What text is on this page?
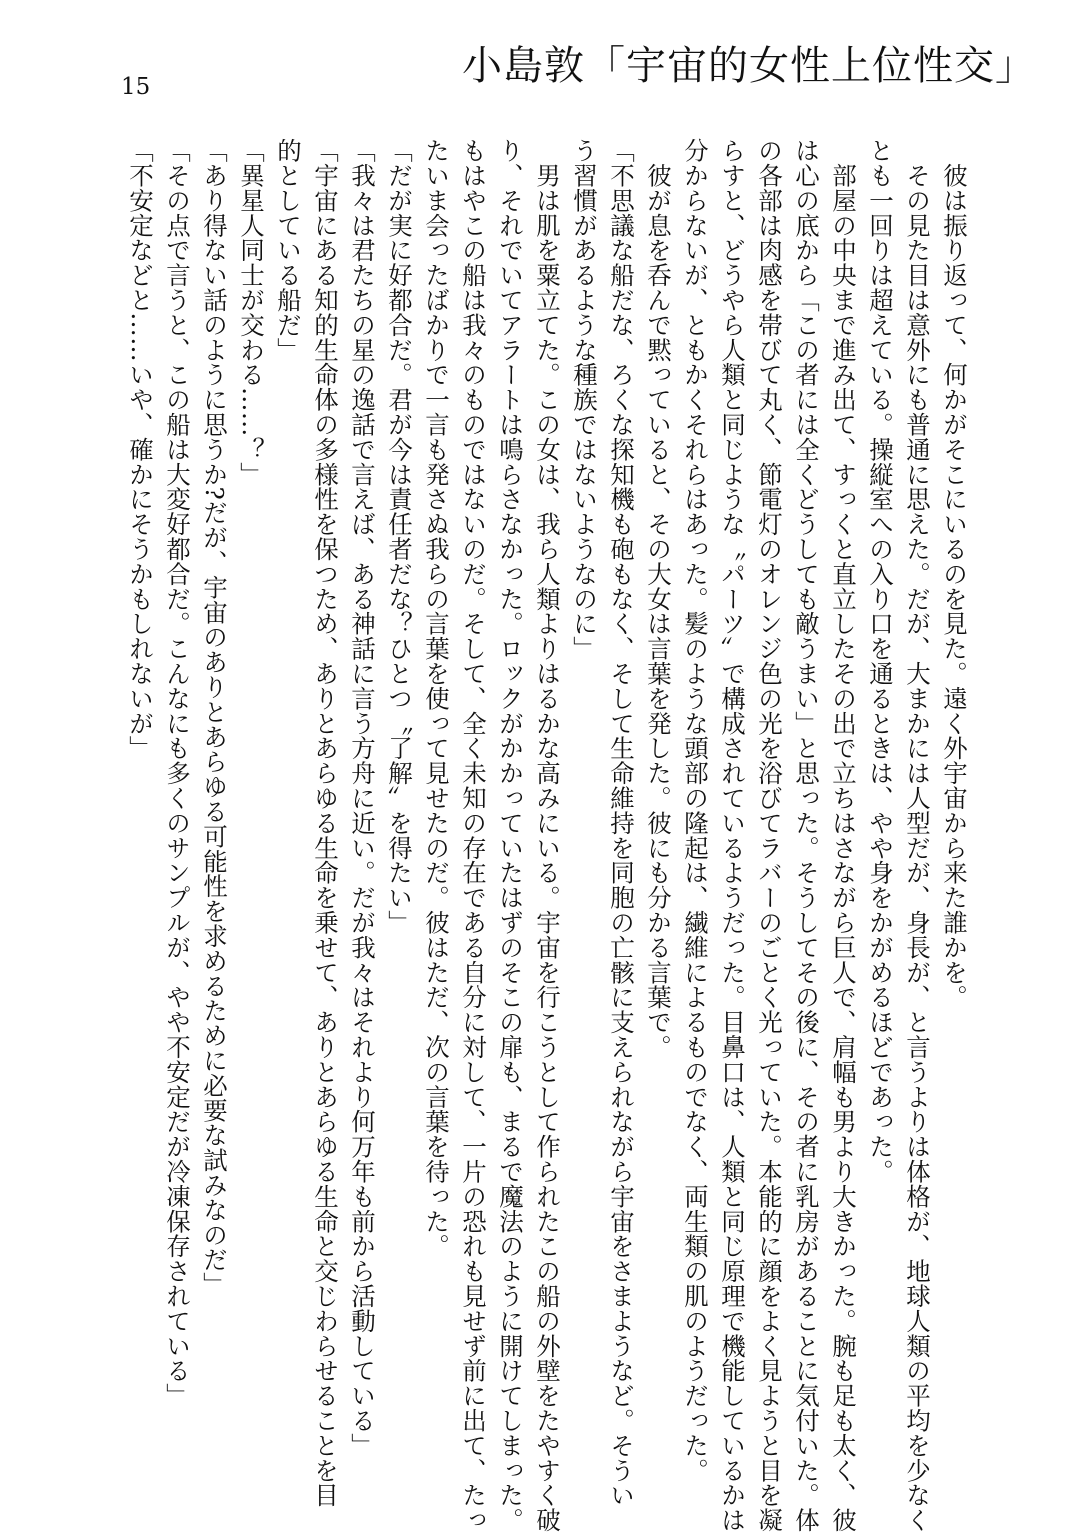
小島敦「宇宙的女性上位性交」
15
　彼は振り返って、何かがそこにいるのを見た。遠く外宇宙から来た誰かを。
　その見た目は意外にも普通に思えた。だが、大まかには人型だが、身長が、と言うよりは体格が、地球人類の平均を少なく
とも一回りは超えている。操縦室への入り口を通るときは、やや身をかがめるほどであった。
　部屋の中央まで進み出て、すっくと直立したその出で立ちはさながら巨人で、肩幅も男より大きかった。腕も足も太く、彼
は心の底から「この者には全くどうしても敵うまい」と思った。そうしてその後に、その者に乳房があることに気付いた。体
の各部は肉感を帯びて丸く、節電灯のオレンジ色の光を浴びてラバーのごとく光っていた。本能的に顔をよく見ようと目を凝
らすと、どうやら人類と同じような〝パーツ〟で構成されているようだった。目鼻口は、人類と同じ原理で機能しているかは
分からないが、ともかくそれらはあった。髪のような頭部の隆起は、繊維によるものでなく、両生類の肌のようだった。
　彼が息を呑んで黙っていると、その大女は言葉を発した。彼にも分かる言葉で。
「不思議な船だな、ろくな探知機も砲もなく、そして生命維持を同胞の亡骸に支えられながら宇宙をさまようなど。そうい
う習慣があるような種族ではないようなのに」
　男は肌を粟立てた。この女は、我ら人類よりはるかな高みにいる。宇宙を行こうとして作られたこの船の外壁をたやすく破
り、それでいてアラートは鳴らさなかった。ロックがかかっていたはずのそこの扉も、まるで魔法のように開けてしまった。
もはやこの船は我々のものではないのだ。そして、全く未知の存在である自分に対して、一片の恐れも見せず前に出て、たっ
たいま会ったばかりで一言も発さぬ我らの言葉を使って見せたのだ。彼はただ、次の言葉を待った。
「だが実に好都合だ。君が今は責任者だな？ひとつ〝了解〟を得たい」
「我々は君たちの星の逸話で言えば、ある神話に言う方舟に近い。だが我々はそれより何万年も前から活動している」
「宇宙にある知的生命体の多様性を保つため、ありとあらゆる生命を乗せて、ありとあらゆる生命と交じわらせることを目
的としている船だ」
「異星人同士が交わる……？」
「あり得ない話のように思うか?だが、宇宙のありとあらゆる可能性を求めるために必要な試みなのだ」
「その点で言うと、この船は大変好都合だ。こんなにも多くのサンプルが、やや不安定だが冷凍保存されている」
「不安定などと……いや、確かにそうかもしれないが」
